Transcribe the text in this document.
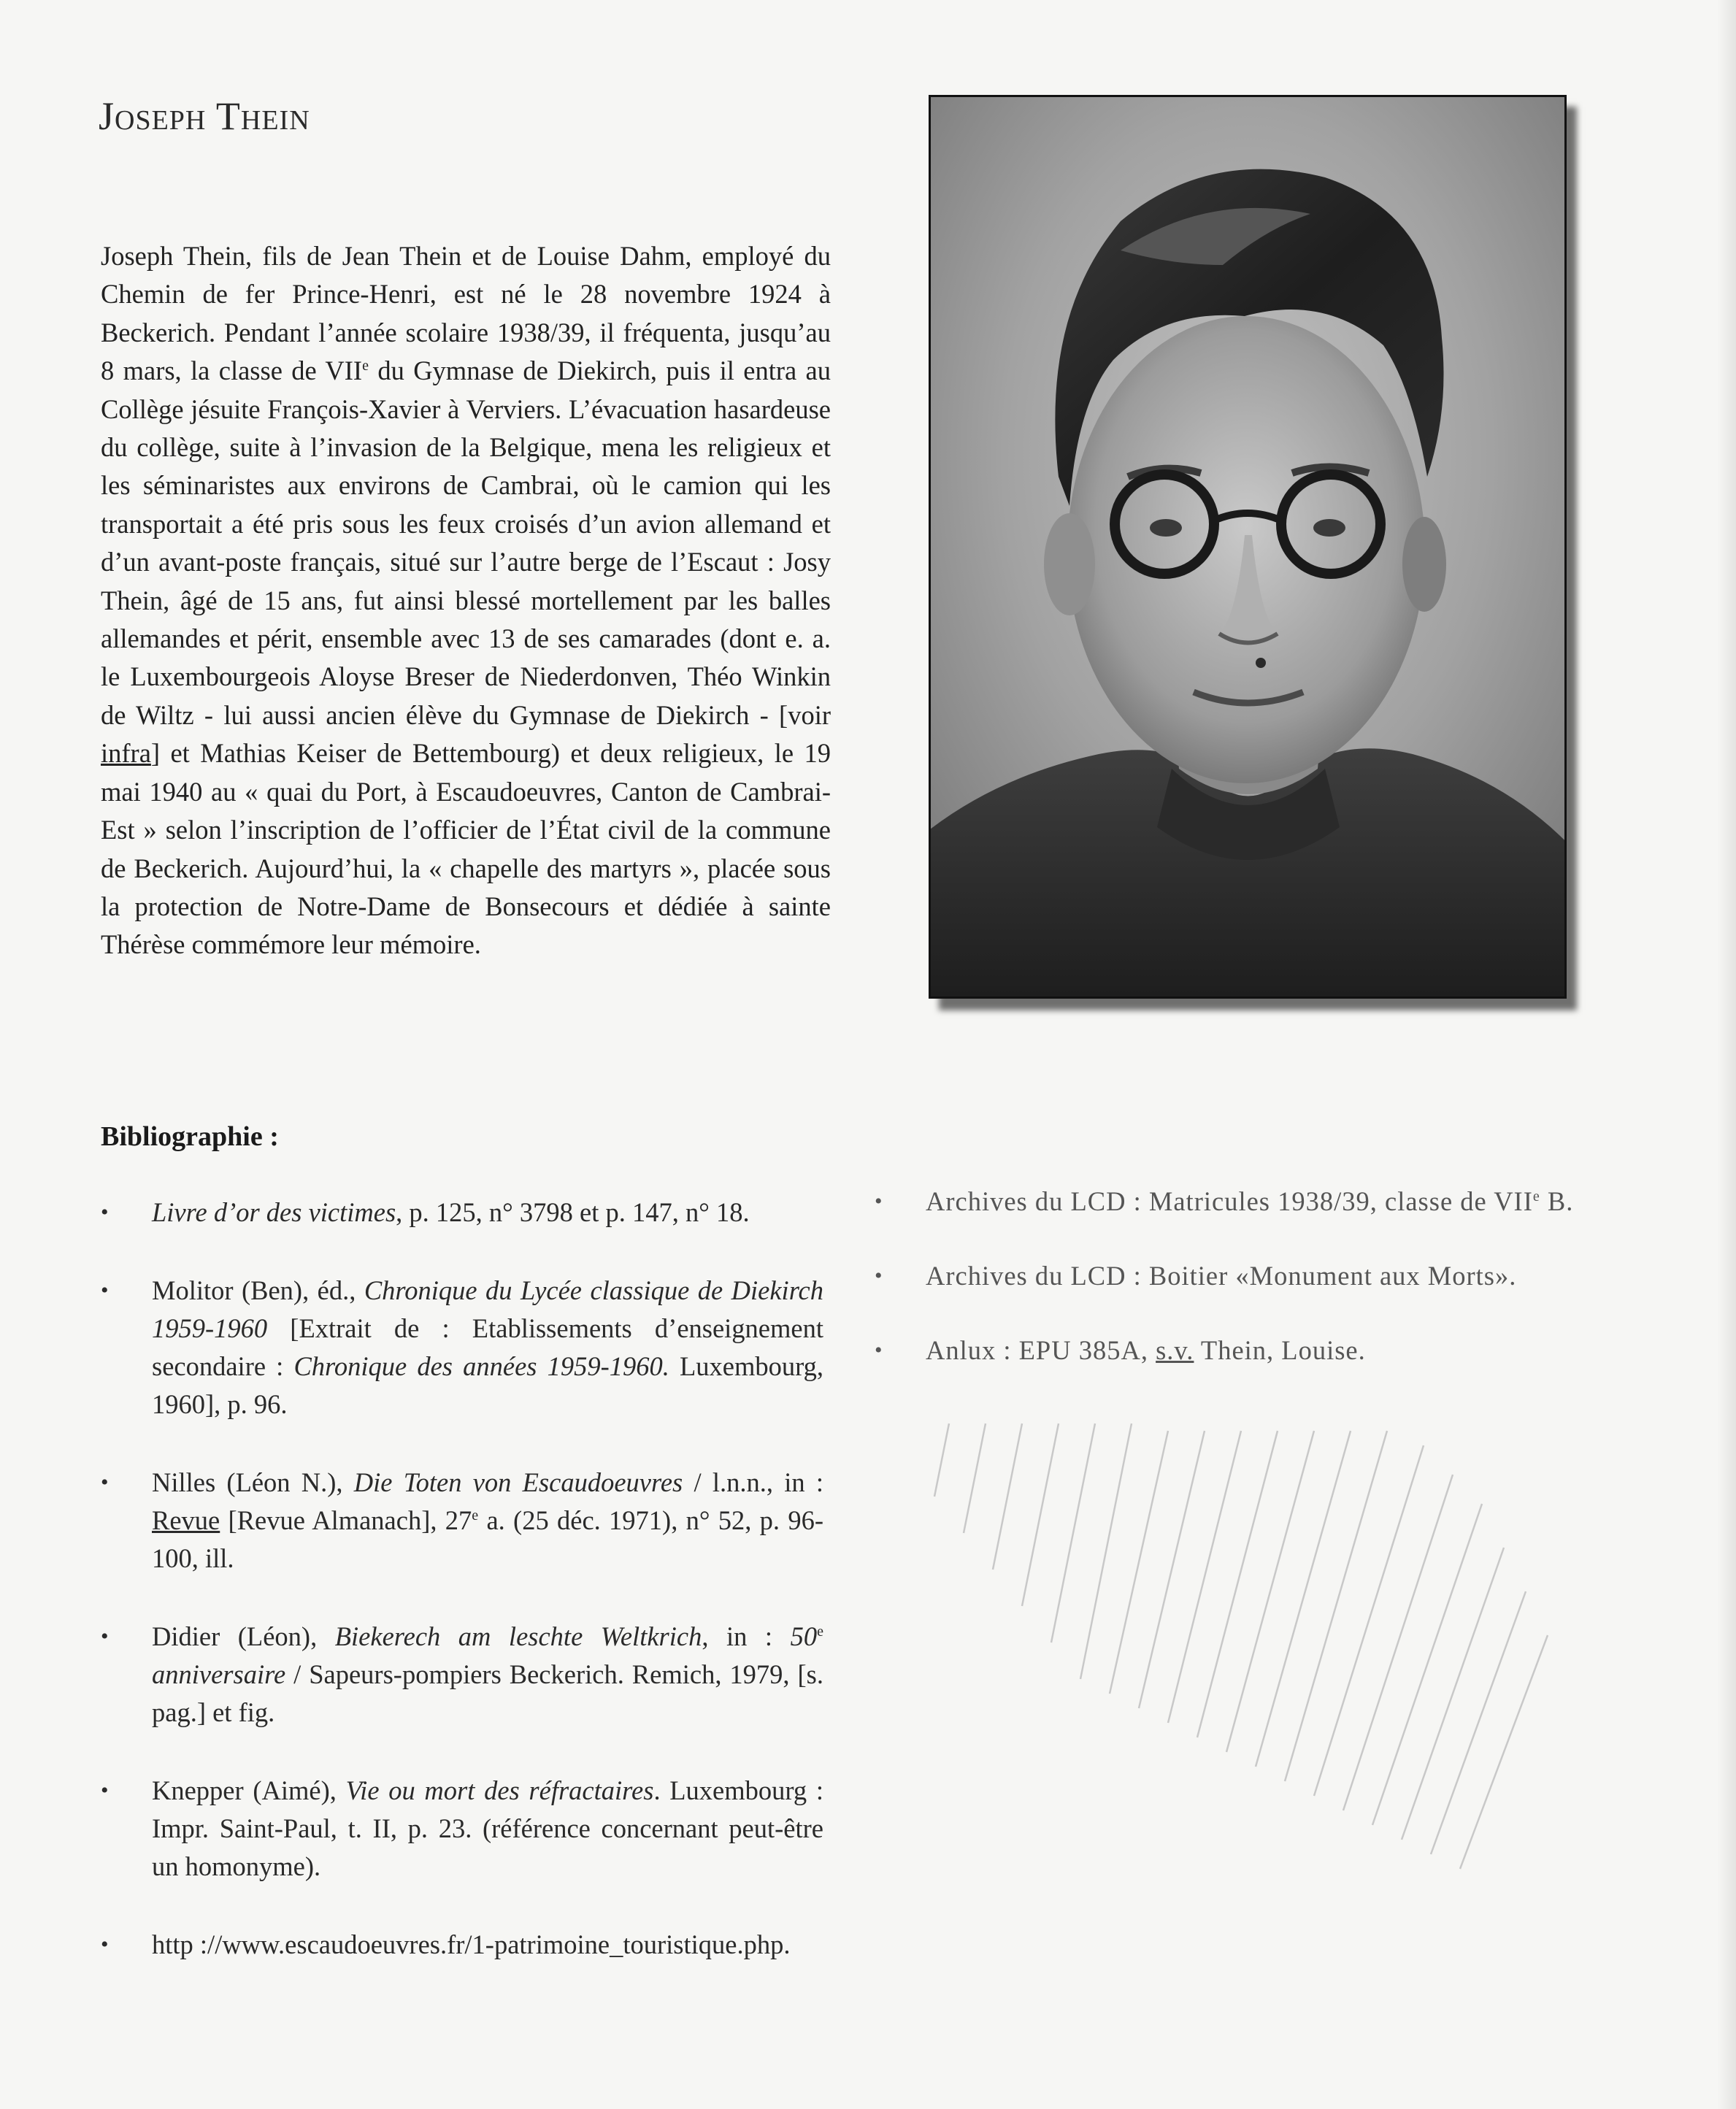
Joseph Thein

Joseph Thein, fils de Jean Thein et de Louise Dahm, employé du Chemin de fer Prince-Henri, est né le 28 novembre 1924 à Beckerich. Pendant l’année scolaire 1938/39, il fréquenta, jusqu’au 8 mars, la classe de VIIe du Gymnase de Diekirch, puis il entra au Collège jésuite François-Xavier à Verviers. L’évacuation hasardeuse du collège, suite à l’invasion de la Belgique, mena les religieux et les séminaristes aux environs de Cambrai, où le camion qui les transportait a été pris sous les feux croisés d’un avion allemand et d’un avant-poste français, situé sur l’autre berge de l’Escaut : Josy Thein, âgé de 15 ans, fut ainsi blessé mortellement par les balles allemandes et périt, ensemble avec 13 de ses camarades (dont e. a. le Luxembourgeois Aloyse Breser de Niederdonven, Théo Winkin de Wiltz - lui aussi ancien élève du Gymnase de Diekirch - [voir infra] et Mathias Keiser de Bettembourg) et deux religieux, le 19 mai 1940 au « quai du Port, à Escaudoeuvres, Canton de Cambrai-Est » selon l’inscription de l’officier de l’État civil de la commune de Beckerich. Aujourd’hui, la « chapelle des martyrs », placée sous la protection de Notre-Dame de Bonsecours et dédiée à sainte Thérèse commémore leur mémoire.

Bibliographie :
• Livre d’or des victimes, p. 125, n° 3798 et p. 147, n° 18.
• Molitor (Ben), éd., Chronique du Lycée classique de Diekirch 1959-1960 [Extrait de : Etablissements d’enseignement secondaire : Chronique des années 1959-1960. Luxembourg, 1960], p. 96.
• Nilles (Léon N.), Die Toten von Escaudoeuvres / l.n.n., in : Revue [Revue Almanach], 27e a. (25 déc. 1971), n° 52, p. 96-100, ill.
• Didier (Léon), Biekerech am leschte Weltkrich, in : 50e anniversaire / Sapeurs-pompiers Beckerich. Remich, 1979, [s. pag.] et fig.
• Knepper (Aimé), Vie ou mort des réfractaires. Luxembourg : Impr. Saint-Paul, t. II, p. 23. (référence concernant peut-être un homonyme).
• http ://www.escaudoeuvres.fr/1-patrimoine_touristique.php.
• Archives du LCD : Matricules 1938/39, classe de VIIe B.
• Archives du LCD : Boitier «Monument aux Morts».
• Anlux : EPU 385A, s.v. Thein, Louise.
